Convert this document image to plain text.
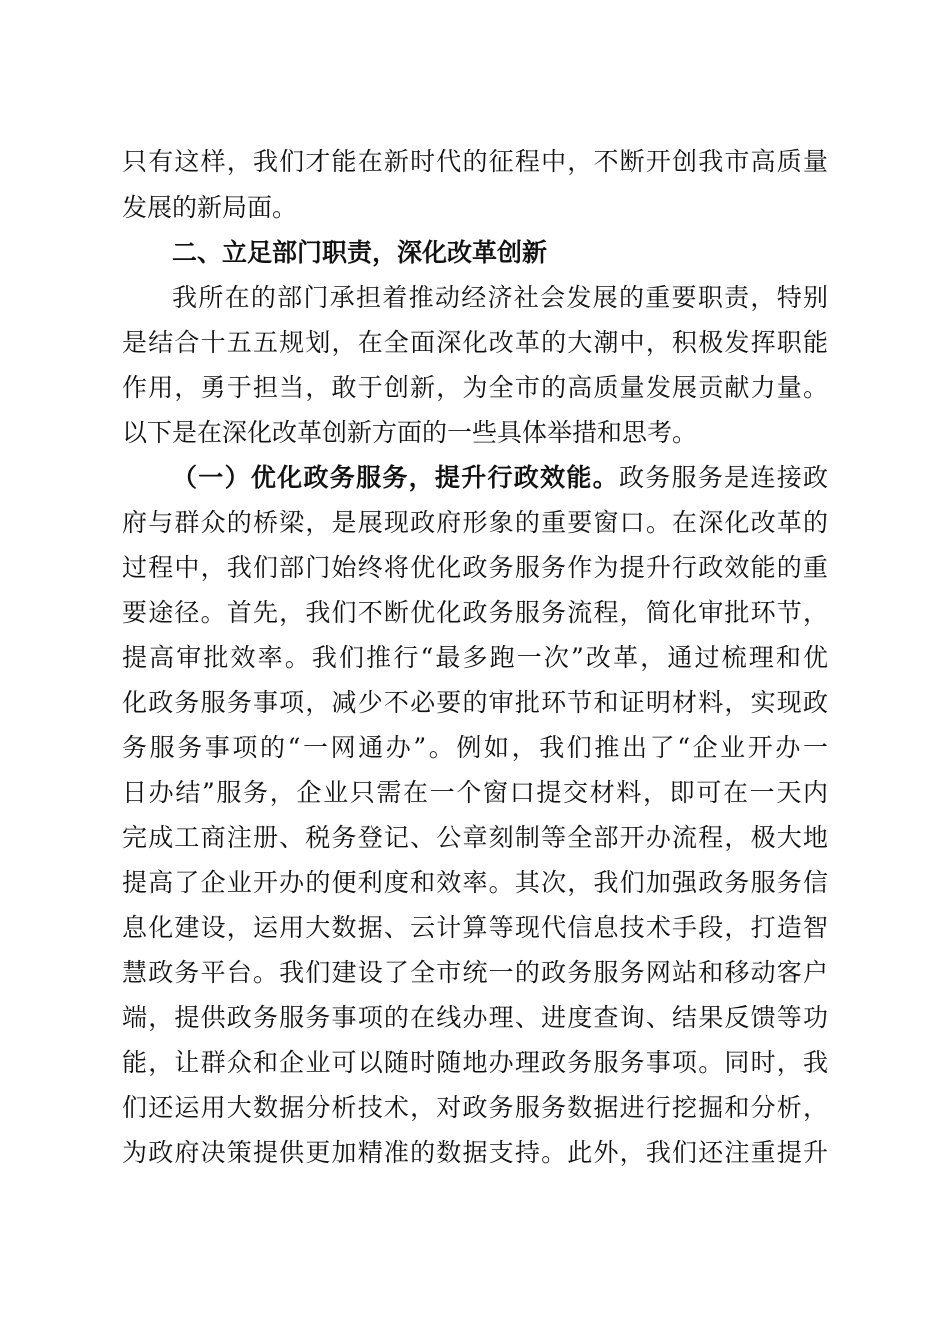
只有这样，我们才能在新时代的征程中，不断开创我市高质量
发展的新局面。
二、立足部门职责，深化改革创新
我所在的部门承担着推动经济社会发展的重要职责，特别
是结合十五五规划，在全面深化改革的大潮中，积极发挥职能
作用，勇于担当，敢于创新，为全市的高质量发展贡献力量。
以下是在深化改革创新方面的一些具体举措和思考。
（一）优化政务服务，提升行政效能。政务服务是连接政
府与群众的桥梁，是展现政府形象的重要窗口。在深化改革的
过程中，我们部门始终将优化政务服务作为提升行政效能的重
要途径。首先，我们不断优化政务服务流程，简化审批环节，
提高审批效率。我们推行“最多跑一次”改革，通过梳理和优
化政务服务事项，减少不必要的审批环节和证明材料，实现政
务服务事项的“一网通办”。例如，我们推出了“企业开办一
日办结”服务，企业只需在一个窗口提交材料，即可在一天内
完成工商注册、税务登记、公章刻制等全部开办流程，极大地
提高了企业开办的便利度和效率。其次，我们加强政务服务信
息化建设，运用大数据、云计算等现代信息技术手段，打造智
慧政务平台。我们建设了全市统一的政务服务网站和移动客户
端，提供政务服务事项的在线办理、进度查询、结果反馈等功
能，让群众和企业可以随时随地办理政务服务事项。同时，我
们还运用大数据分析技术，对政务服务数据进行挖掘和分析，
为政府决策提供更加精准的数据支持。此外，我们还注重提升
